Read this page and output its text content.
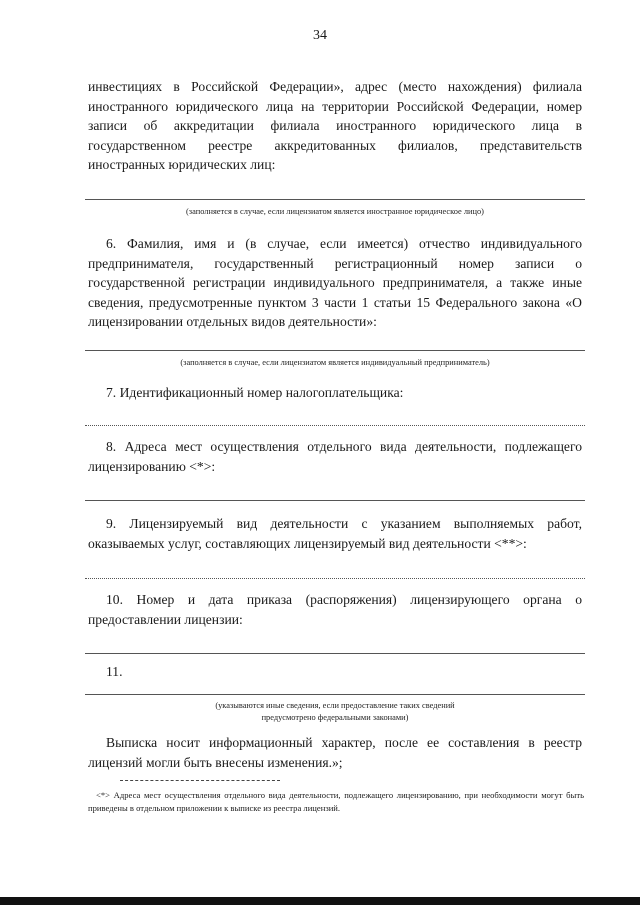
34
инвестициях в Российской Федерации», адрес (место нахождения) филиала иностранного юридического лица на территории Российской Федерации, номер записи об аккредитации филиала иностранного юридического лица в государственном реестре аккредитованных филиалов, представительств иностранных юридических лиц:
(заполняется в случае, если лицензиатом является иностранное юридическое лицо)
6. Фамилия, имя и (в случае, если имеется) отчество индивидуального предпринимателя, государственный регистрационный номер записи о государственной регистрации индивидуального предпринимателя, а также иные сведения, предусмотренные пунктом 3 части 1 статьи 15 Федерального закона «О лицензировании отдельных видов деятельности»:
(заполняется в случае, если лицензиатом является индивидуальный предприниматель)
7. Идентификационный номер налогоплательщика:
8. Адреса мест осуществления отдельного вида деятельности, подлежащего лицензированию <*>:
9. Лицензируемый вид деятельности с указанием выполняемых работ, оказываемых услуг, составляющих лицензируемый вид деятельности <**>:
10. Номер и дата приказа (распоряжения) лицензирующего органа о предоставлении лицензии:
11.
(указываются иные сведения, если предоставление таких сведений
предусмотрено федеральными законами)
Выписка носит информационный характер, после ее составления в реестр лицензий могли быть внесены изменения.»;
<*> Адреса мест осуществления отдельного вида деятельности, подлежащего лицензированию, при необходимости могут быть приведены в отдельном приложении к выписке из реестра лицензий.
